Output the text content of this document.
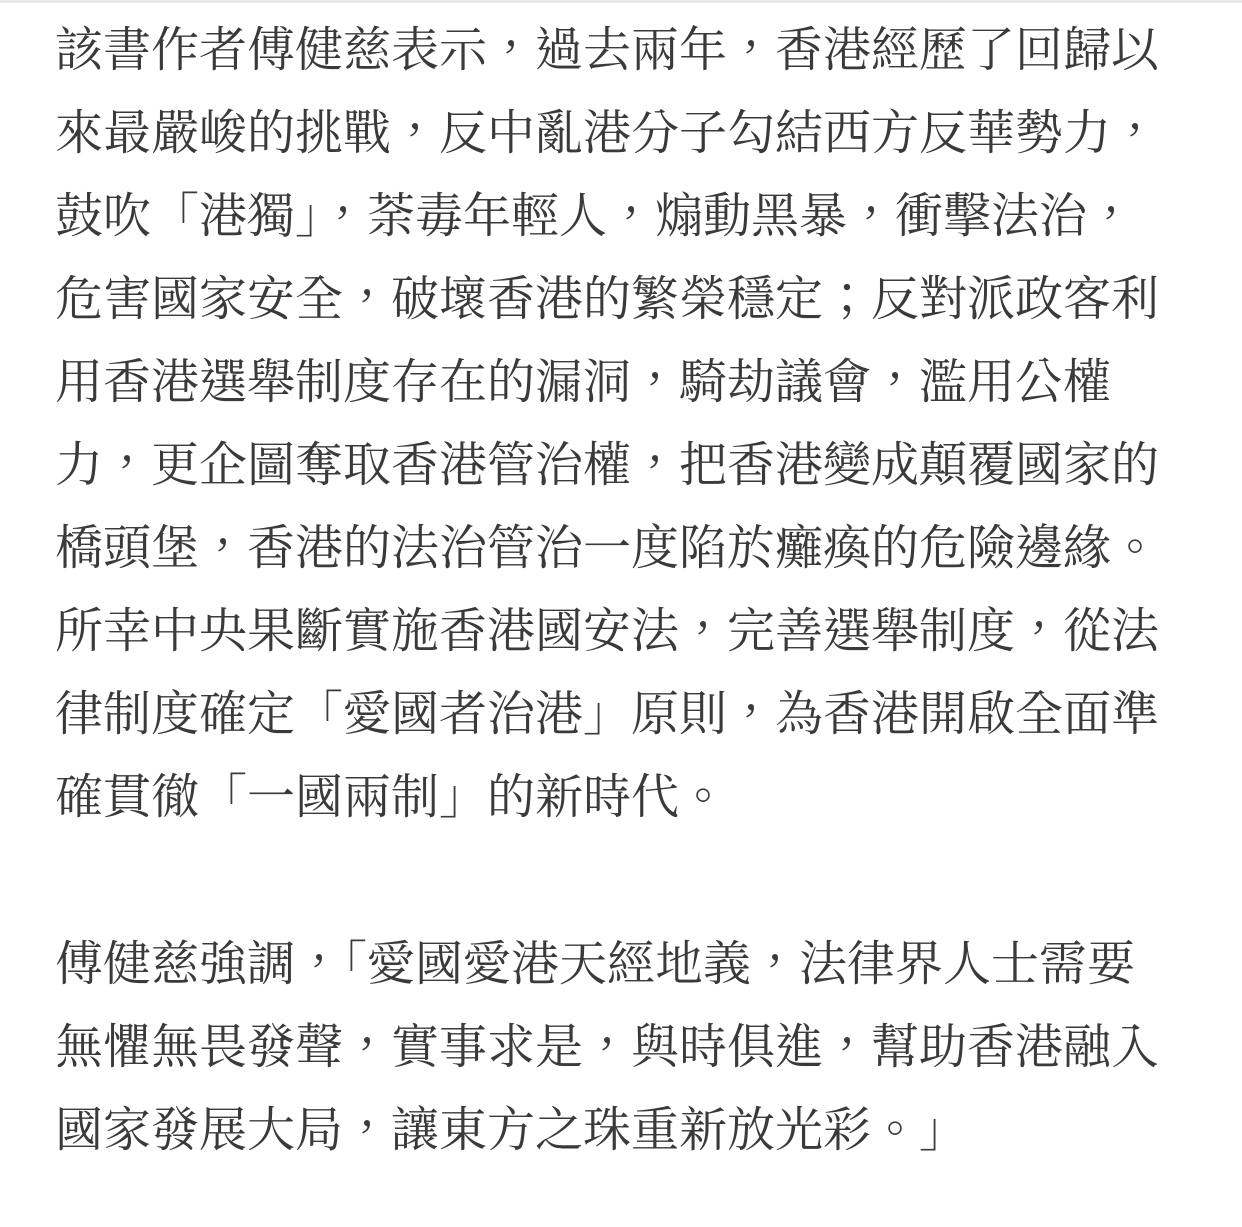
該書作者傅健慈表示，過去兩年，香港經歷了回歸以
來最嚴峻的挑戰，反中亂港分子勾結西方反華勢力，
鼓吹「港獨」，荼毒年輕人，煽動黑暴，衝擊法治，
危害國家安全，破壞香港的繁榮穩定；反對派政客利
用香港選舉制度存在的漏洞，騎劫議會，濫用公權
力，更企圖奪取香港管治權，把香港變成顛覆國家的
橋頭堡，香港的法治管治一度陷於癱瘓的危險邊緣。
所幸中央果斷實施香港國安法，完善選舉制度，從法
律制度確定「愛國者治港」原則，為香港開啟全面準
確貫徹「一國兩制」的新時代。
傅健慈強調，「愛國愛港天經地義，法律界人士需要
無懼無畏發聲，實事求是，與時俱進，幫助香港融入
國家發展大局，讓東方之珠重新放光彩。」
